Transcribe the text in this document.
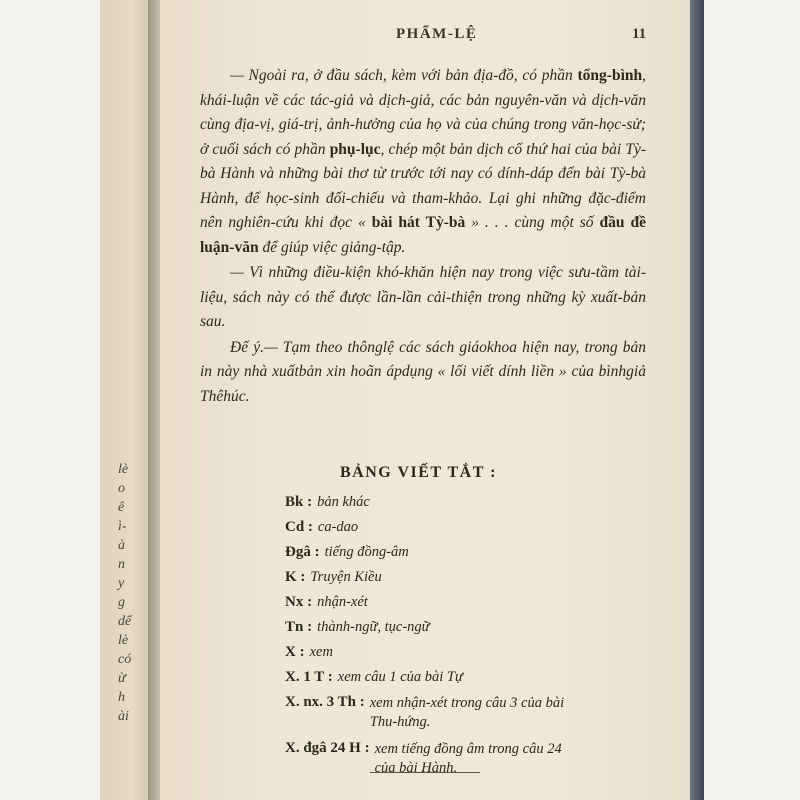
lè
o
ê
ì-
à
n
y
g
dể
lè
có
ừ
h
ài
PHẨM-LỆ	11

— Ngoài ra, ở đầu sách, kèm với bản địa-đồ, có phần tổng-bình, khái-luận về các tác-giả và dịch-giả, các bản nguyên-văn và dịch-văn cùng địa-vị, giá-trị, ảnh-hưởng của họ và của chúng trong văn-học-sử; ở cuối sách có phần phụ-lục, chép một bản dịch cổ thứ hai của bài Tỳ-bà Hành và những bài thơ từ trước tới nay có dính-dáp đến bài Tỳ-bà Hành, để học-sinh đối-chiếu và tham-khảo. Lại ghi những đặc-điểm nên nghiên-cứu khi đọc « bài hát Tỳ-bà » . . . cùng một số đầu đề luận-văn để giúp việc giảng-tập.

— Vì những điều-kiện khó-khăn hiện nay trong việc sưu-tầm tài-liệu, sách này có thể được lần-lần cải-thiện trong những kỳ xuất-bản sau.

Để ý.— Tạm theo thônglệ các sách giáokhoa hiện nay, trong bản in này nhà xuấtbản xin hoãn ápdụng « lối viết dính liền » của bìnhgiả Thêhúc.

BẢNG VIẾT TẮT :
Bk : bản khác
Cd : ca-dao
Đgâ : tiếng đồng-âm
K : Truyện Kiều
Nx : nhận-xét
Tn : thành-ngữ, tục-ngữ
X : xem
X. 1 T : xem câu 1 của bài Tự
X. nx. 3 Th : xem nhận-xét trong câu 3 của bài Thu-hứng.
X. đgâ 24 H : xem tiếng đồng âm trong câu 24 của bài Hành.
